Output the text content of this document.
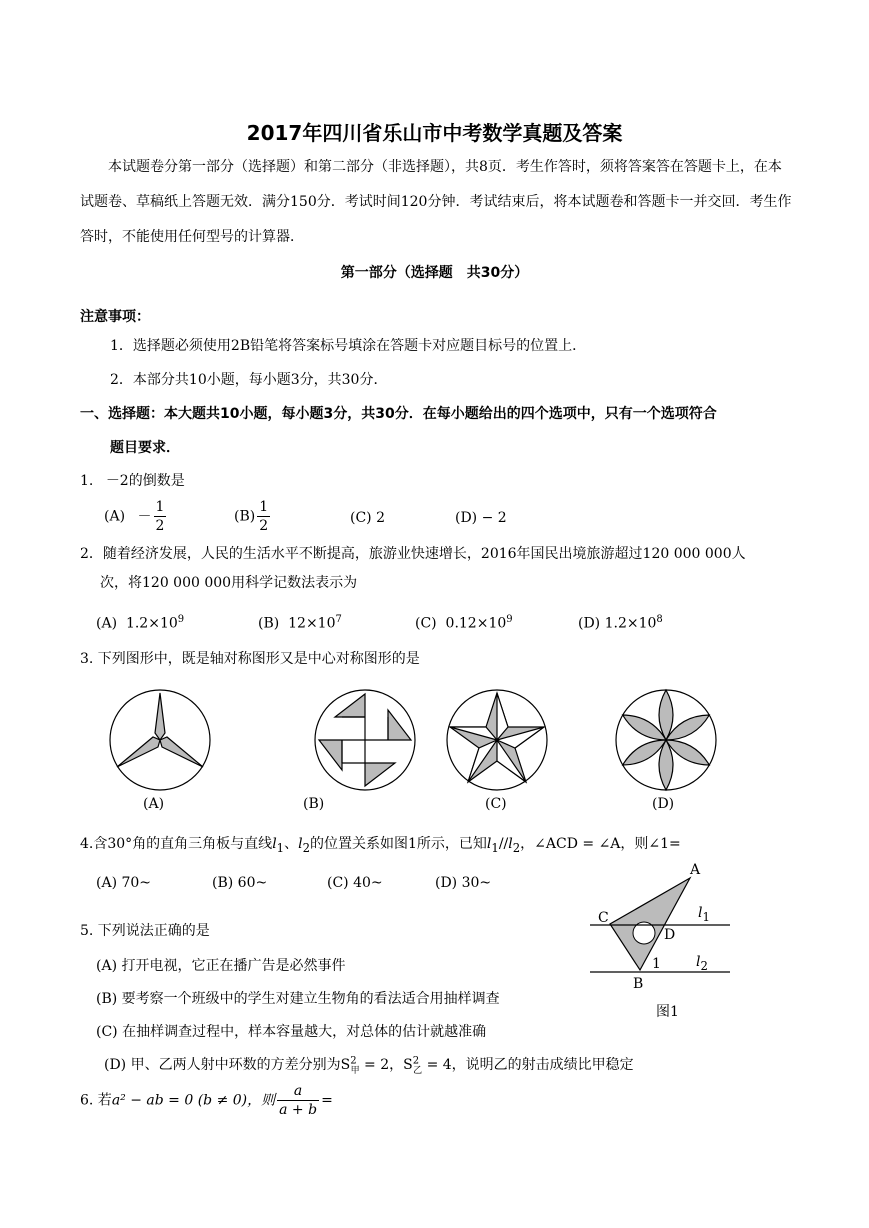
2017年四川省乐山市中考数学真题及答案
本试题卷分第一部分（选择题）和第二部分（非选择题），共8页．考生作答时，须将答案答在答题卡上，在本试题卷、草稿纸上答题无效．满分150分．考试时间120分钟．考试结束后，将本试题卷和答题卡一并交回．考生作答时，不能使用任何型号的计算器．
第一部分（选择题　共30分）
注意事项：
1．选择题必须使用2B铅笔将答案标号填涂在答题卡对应题目标号的位置上．
2．本部分共10小题，每小题3分，共30分．
一、选择题：本大题共10小题，每小题3分，共30分．在每小题给出的四个选项中，只有一个选项符合
题目要求．
1. －2的倒数是
$(A) - \frac{1}{2}$	$(B) \frac{1}{2}$	(C) 2	(D) − 2
2．随着经济发展，人民的生活水平不断提高，旅游业快速增长，2016年国民出境旅游超过120 000 000人
次，将120 000 000用科学记数法表示为
(A) $1.2\times 10^9$	(B) $12\times 10^7$	(C) $0.12\times 10^9$	(D) $1.2\times 10^8$
3. 下列图形中，既是轴对称图形又是中心对称图形的是
(A)	(B)	(C)	(D)
4.含30°角的直角三角板与直线$l_1$、$l_2$的位置关系如图1所示，已知$l_1//l_2$，∠ACD = ∠A，则∠1=
(A) 70~	(B) 60~	(C) 40~	(D) 30~
A
C
D
B
1
$l_1$
$l_2$
图1
5. 下列说法正确的是
(A) 打开电视，它正在播广告是必然事件
(B) 要考察一个班级中的学生对建立生物角的看法适合用抽样调查
(C) 在抽样调查过程中，样本容量越大，对总体的估计就越准确
(D) 甲、乙两人射中环数的方差分别为$S^2_甲 = 2$，$S^2_乙 = 4$，说明乙的射击成绩比甲稳定
6. 若a² − ab = 0 (b ≠ 0)，则 $\frac{a}{a + b}$ =
